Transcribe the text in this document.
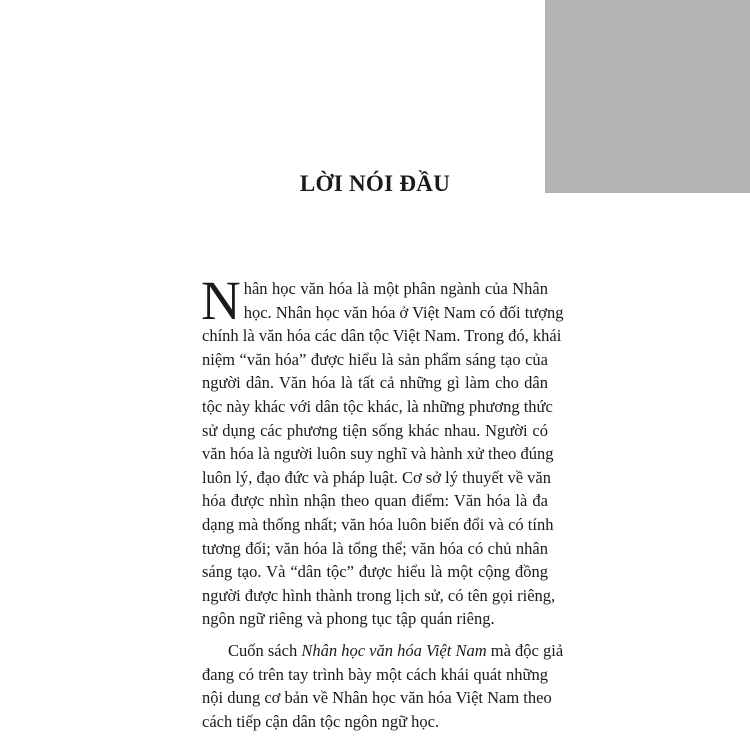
LỜI NÓI ĐẦU

N hân học văn hóa là một phân ngành của Nhân
học. Nhân học văn hóa ở Việt Nam có đối tượng
chính là văn hóa các dân tộc Việt Nam. Trong đó, khái
niệm “văn hóa” được hiểu là sản phẩm sáng tạo của
người dân. Văn hóa là tất cả những gì làm cho dân
tộc này khác với dân tộc khác, là những phương thức
sử dụng các phương tiện sống khác nhau. Người có
văn hóa là người luôn suy nghĩ và hành xử theo đúng
luôn lý, đạo đức và pháp luật. Cơ sở lý thuyết về văn
hóa được nhìn nhận theo quan điểm: Văn hóa là đa
dạng mà thống nhất; văn hóa luôn biến đổi và có tính
tương đối; văn hóa là tổng thể; văn hóa có chủ nhân
sáng tạo. Và “dân tộc” được hiểu là một cộng đồng
người được hình thành trong lịch sử, có tên gọi riêng,
ngôn ngữ riêng và phong tục tập quán riêng.

Cuốn sách Nhân học văn hóa Việt Nam mà độc giả
đang có trên tay trình bày một cách khái quát những
nội dung cơ bản về Nhân học văn hóa Việt Nam theo
cách tiếp cận dân tộc ngôn ngữ học.
